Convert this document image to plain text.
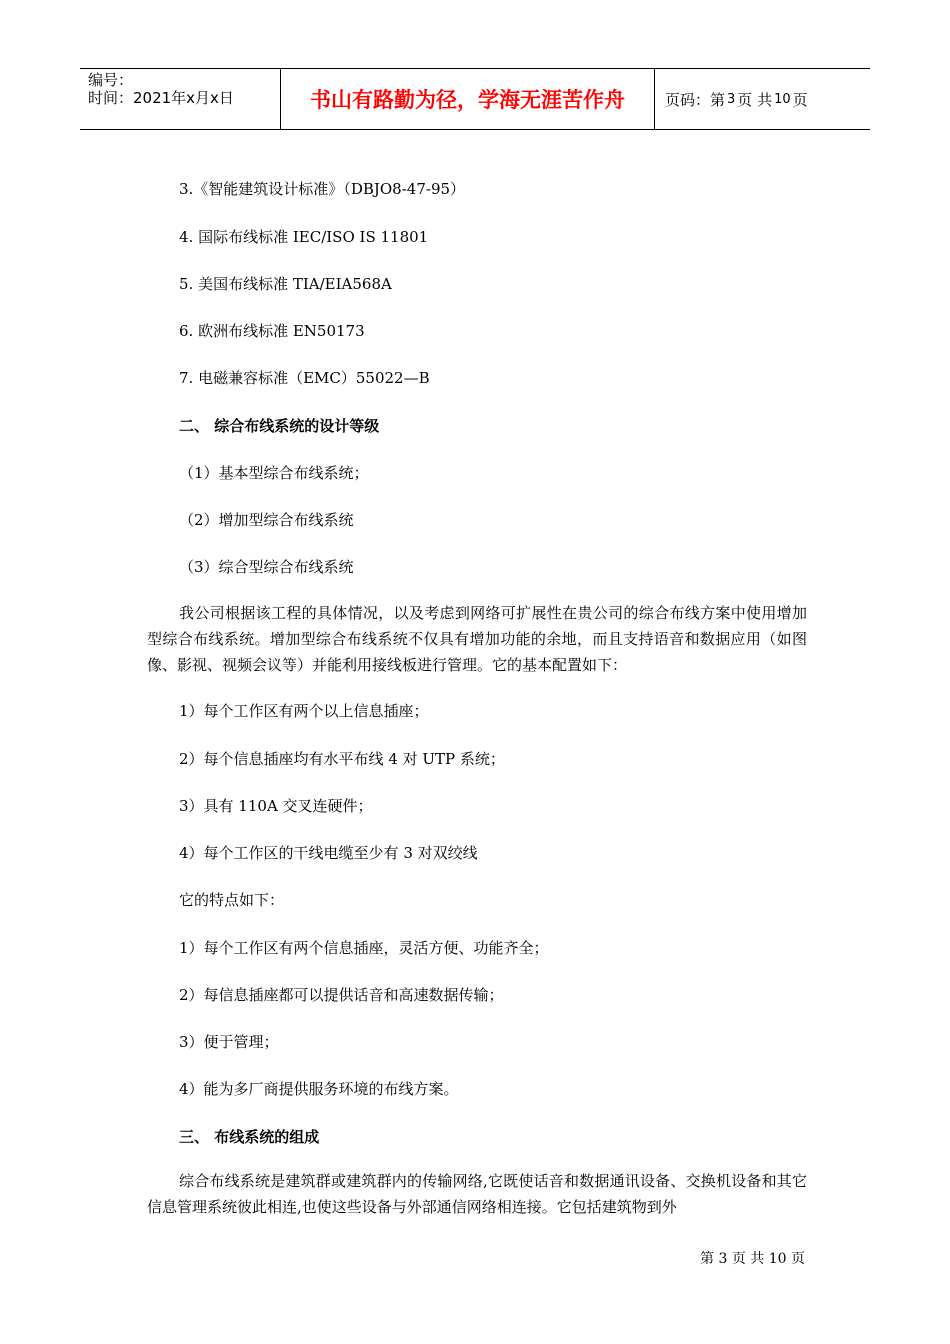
编号：
时间：2021年x月x日	书山有路勤为径，学海无涯苦作舟	页码：第 3 页 共 10 页
3.《智能建筑设计标准》（DBJO8-47-95）
4. 国际布线标准 IEC/ISO IS 11801
5. 美国布线标准 TIA/EIA568A
6. 欧洲布线标准 EN50173
7. 电磁兼容标准（EMC）55022—B
二、 综合布线系统的设计等级
（1）基本型综合布线系统；
（2）增加型综合布线系统
（3）综合型综合布线系统
我公司根据该工程的具体情况，以及考虑到网络可扩展性在贵公司的综合布线方案中使用增加型综合布线系统。增加型综合布线系统不仅具有增加功能的余地，而且支持语音和数据应用（如图像、影视、视频会议等）并能利用接线板进行管理。它的基本配置如下：
1）每个工作区有两个以上信息插座；
2）每个信息插座均有水平布线 4 对 UTP 系统；
3）具有 110A 交叉连硬件；
4）每个工作区的干线电缆至少有 3 对双绞线
它的特点如下：
1）每个工作区有两个信息插座，灵活方便、功能齐全；
2）每信息插座都可以提供话音和高速数据传输；
3）便于管理；
4）能为多厂商提供服务环境的布线方案。
三、 布线系统的组成
综合布线系统是建筑群或建筑群内的传输网络,它既使话音和数据通讯设备、交换机设备和其它信息管理系统彼此相连,也使这些设备与外部通信网络相连接。它包括建筑物到外
第 3 页 共 10 页
